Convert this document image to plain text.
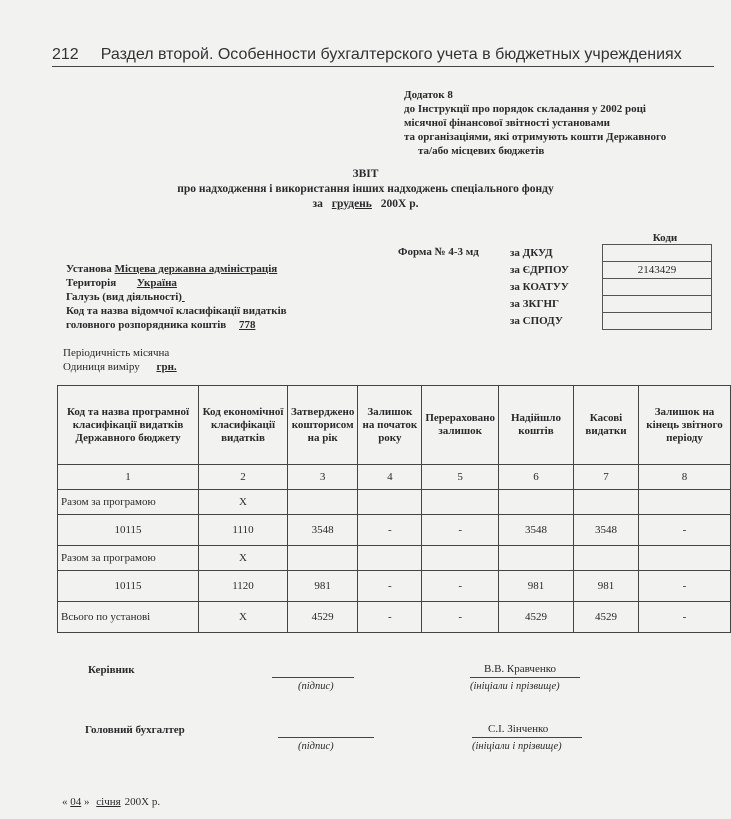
212 Раздел второй. Особенности бухгалтерского учета в бюджетных учреждениях
Додаток 8
до Інструкції про порядок складання у 2002 році
місячної фінансової звітності установами
та організаціями, які отримують кошти Державного
та/або місцевих бюджетів
ЗВІТ
про надходження і використання інших надходжень спеціального фонду
за грудень 200X р.
Коди
Форма № 4-3 мд	за ДКУД	
за ЄДРПОУ	2143429
за КОАТУУ	
за ЗКГНГ	
за СПОДУ	
Установа Місцева державна адміністрація
Територія Україна
Галузь (вид діяльності)
Код та назва відомчої класифікації видатків
головного розпорядника коштів 778
Періодичність місячна
Одиниця виміру грн.
Код та назва програмної класифікації видатків Державного бюджету	Код економічної класифікації видатків	Затверджено кошторисом на рік	Залишок на початок року	Перераховано залишок	Надійшло коштів	Касові видатки	Залишок на кінець звітного періоду
1	2	3	4	5	6	7	8
Разом за програмою	Х						
10115	1110	3548	-	-	3548	3548	-
Разом за програмою	Х						
10115	1120	981	-	-	981	981	-
Всього по установі	Х	4529	-	-	4529	4529	-
Керівник
(підпис)
В.В. Кравченко
(ініціали і прізвище)
Головний бухгалтер
(підпис)
С.І. Зінченко
(ініціали і прізвище)
« 04 » січня 200X р.
